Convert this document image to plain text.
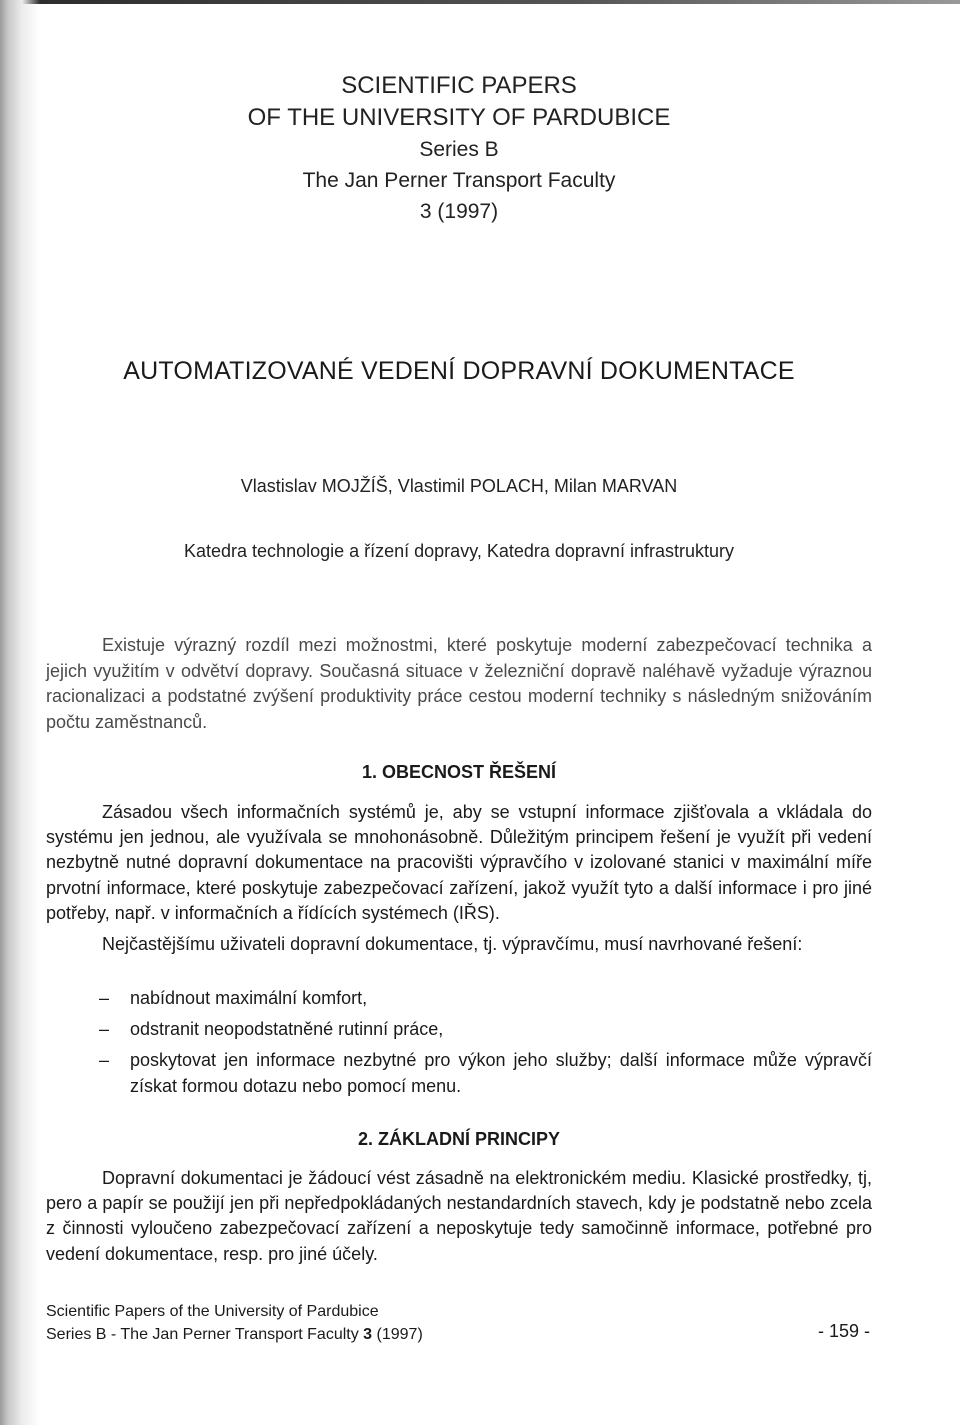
SCIENTIFIC PAPERS
OF THE UNIVERSITY OF PARDUBICE
Series B
The Jan Perner Transport Faculty
3 (1997)
AUTOMATIZOVANÉ VEDENÍ DOPRAVNÍ DOKUMENTACE
Vlastislav MOJŽÍŠ, Vlastimil POLACH, Milan MARVAN
Katedra technologie a řízení dopravy, Katedra dopravní infrastruktury

Existuje výrazný rozdíl mezi možnostmi, které poskytuje moderní zabezpečovací technika a jejich využitím v odvětví dopravy. Současná situace v železniční dopravě naléhavě vyžaduje výraznou racionalizaci a podstatné zvýšení produktivity práce cestou moderní techniky s následným snižováním počtu zaměstnanců.

1. OBECNOST ŘEŠENÍ

Zásadou všech informačních systémů je, aby se vstupní informace zjišťovala a vkládala do systému jen jednou, ale využívala se mnohonásobně. Důležitým principem řešení je využít při vedení nezbytně nutné dopravní dokumentace na pracovišti výpravčího v izolované stanici v maximální míře prvotní informace, které poskytuje zabezpečovací zařízení, jakož využít tyto a další informace i pro jiné potřeby, např. v informačních a řídících systémech (IŘS).

Nejčastějšímu uživateli dopravní dokumentace, tj. výpravčímu, musí navrhované řešení:

– nabídnout maximální komfort,
– odstranit neopodstatněné rutinní práce,
– poskytovat jen informace nezbytné pro výkon jeho služby; další informace může výpravčí získat formou dotazu nebo pomocí menu.
2. ZÁKLADNÍ PRINCIPY

Dopravní dokumentaci je žádoucí vést zásadně na elektronickém mediu. Klasické prostředky, tj, pero a papír se použijí jen při nepředpokládaných nestandardních stavech, kdy je podstatně nebo zcela z činnosti vyloučeno zabezpečovací zařízení a neposkytuje tedy samočinně informace, potřebné pro vedení dokumentace, resp. pro jiné účely.

Scientific Papers of the University of Pardubice
Series B - The Jan Perner Transport Faculty 3 (1997)	- 159 -
